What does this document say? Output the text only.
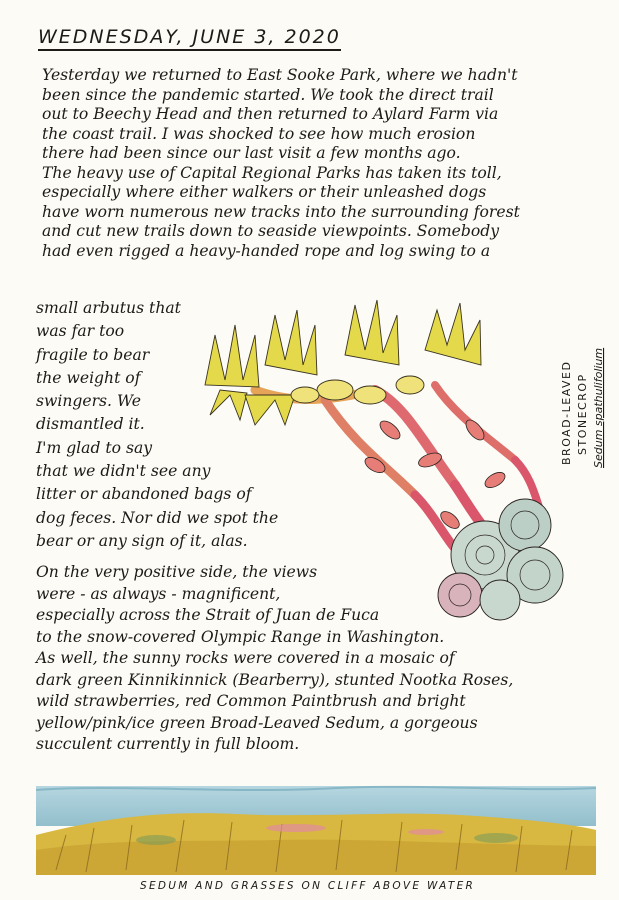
WEDNESDAY, JUNE 3, 2020
Yesterday we returned to East Sooke Park, where we hadn't
been since the pandemic started. We took the direct trail
out to Beechy Head and then returned to Aylard Farm via
the coast trail. I was shocked to see how much erosion
there had been since our last visit a few months ago.
The heavy use of Capital Regional Parks has taken its toll,
especially where either walkers or their unleashed dogs
have worn numerous new tracks into the surrounding forest
and cut new trails down to seaside viewpoints. Somebody
had even rigged a heavy-handed rope and log swing to a
small arbutus that
was far too
fragile to bear
the weight of
swingers. We
dismantled it.
I'm glad to say
that we didn't see any
litter or abandoned bags of
dog feces. Nor did we spot the
bear or any sign of it, alas.
BROAD-LEAVED STONECROP Sedum spathulifolium
On the very positive side, the views
were - as always - magnificent,
especially across the Strait of Juan de Fuca
to the snow-covered Olympic Range in Washington.
As well, the sunny rocks were covered in a mosaic of
dark green Kinnikinnick (Bearberry), stunted Nootka Roses,
wild strawberries, red Common Paintbrush and bright
yellow/pink/ice green Broad-Leaved Sedum, a gorgeous
succulent currently in full bloom.
SEDUM AND GRASSES ON CLIFF ABOVE WATER
